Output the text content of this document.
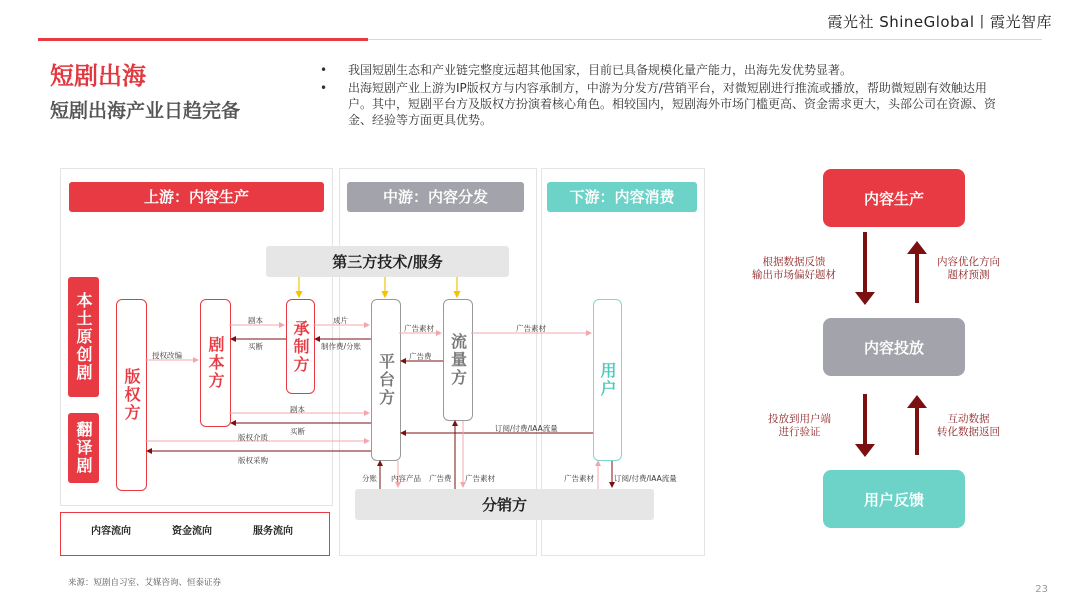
霞光社 ShineGlobal丨霞光智库
短剧出海
短剧出海产业日趋完备
• 我国短剧生态和产业链完整度远超其他国家，目前已具备规模化量产能力，出海先发优势显著。
• 出海短剧产业上游为IP版权方与内容承制方，中游为分发方/营销平台，对微短剧进行推流或播放，帮助微短剧有效触达用户。其中，短剧平台方及版权方扮演着核心角色。相较国内，短剧海外市场门槛更高、资金需求更大，头部公司在资源、资金、经验等方面更具优势。
上游：内容生产	中游：内容分发	下游：内容消费
第三方技术/服务
分销方
本土原创剧
翻译剧
版权方
剧本方	承制方
平台方	流量方	用户
剧本
买断
成片
制作费/分账
授权改编
广告素材
广告费
广告素材
剧本
买断
版权介质
版权采购
订阅/付费/IAA流量
分账 内容产品 广告费 广告素材	广告素材	订阅/付费/IAA流量
内容流向	资金流向	服务流向
内容生产
内容投放
用户反馈
根据数据反馈
输出市场偏好题材
内容优化方向
题材预测
投放到用户端
进行验证
互动数据
转化数据返回
来源：短剧自习室、艾媒咨询、恒泰证券
23
